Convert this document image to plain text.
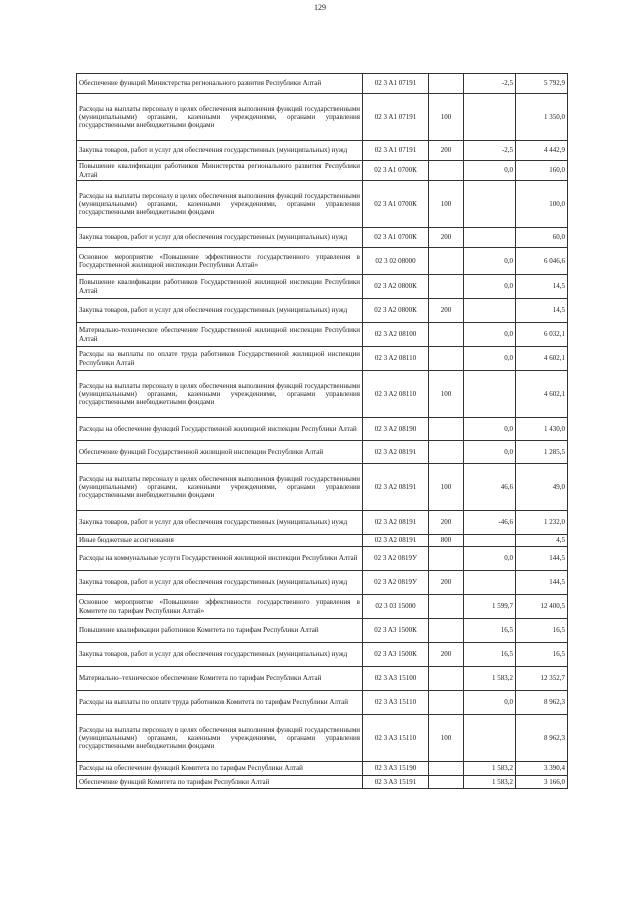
129
Обеспечение функций Министерства регионального развития Республики Алтай	02 3 A1 07191		-2,5	5 792,9
Расходы на выплаты персоналу в целях обеспечения выполнения функций государственными (муниципальными) органами, казенными учреждениями, органами управления государственными внебюджетными фондами	02 3 A1 07191	100		1 350,0
Закупка товаров, работ и услуг для обеспечения государственных (муниципальных) нужд	02 3 A1 07191	200	-2,5	4 442,9
Повышение квалификации работников Министерства регионального развития Республики Алтай	02 3 A1 0700К		0,0	160,0
Расходы на выплаты персоналу в целях обеспечения выполнения функций государственными (муниципальными) органами, казенными учреждениями, органами управления государственными внебюджетными фондами	02 3 A1 0700К	100		100,0
Закупка товаров, работ и услуг для обеспечения государственных (муниципальных) нужд	02 3 A1 0700К	200		60,0
Основное мероприятие «Повышение эффективности государственного управления в Государственной жилищной инспекции Республики Алтай»	02 3 02 08000		0,0	6 046,6
Повышение квалификации работников Государственной жилищной инспекции Республики Алтай	02 3 A2 0800К		0,0	14,5
Закупка товаров, работ и услуг для обеспечения государственных (муниципальных) нужд	02 3 A2 0800К	200		14,5
Материально-техническое обеспечение Государственной жилищной инспекции Республики Алтай	02 3 A2 08100		0,0	6 032,1
Расходы на выплаты по оплате труда работников Государственной жилищной инспекции Республики Алтай	02 3 A2 08110		0,0	4 602,1
Расходы на выплаты персоналу в целях обеспечения выполнения функций государственными (муниципальными) органами, казенными учреждениями, органами управления государственными внебюджетными фондами	02 3 A2 08110	100		4 602,1
Расходы на обеспечение функций Государственной жилищной инспекции Республики Алтай	02 3 A2 08190		0,0	1 430,0
Обеспечение функций Государственной жилищной инспекции Республики Алтай	02 3 A2 08191		0,0	1 285,5
Расходы на выплаты персоналу в целях обеспечения выполнения функций государственными (муниципальными) органами, казенными учреждениями, органами управления государственными внебюджетными фондами	02 3 A2 08191	100	46,6	49,0
Закупка товаров, работ и услуг для обеспечения государственных (муниципальных) нужд	02 3 A2 08191	200	-46,6	1 232,0
Иные бюджетные ассигнования	02 3 A2 08191	800		4,5
Расходы на коммунальные услуги Государственной жилищной инспекции Республики Алтай	02 3 A2 0819У		0,0	144,5
Закупка товаров, работ и услуг для обеспечения государственных (муниципальных) нужд	02 3 A2 0819У	200		144,5
Основное мероприятие «Повышение эффективности государственного управления в Комитете по тарифам Республики Алтай»	02 3 03 15000		1 599,7	12 400,5
Повышение квалификации работников Комитета по тарифам Республики Алтай	02 3 A3 1500К		16,5	16,5
Закупка товаров, работ и услуг для обеспечения государственных (муниципальных) нужд	02 3 A3 1500К	200	16,5	16,5
Материально–техническое обеспечение Комитета по тарифам Республики Алтай	02 3 A3 15100		1 583,2	12 352,7
Расходы на выплаты по оплате труда работников Комитета по тарифам Республики Алтай	02 3 A3 15110		0,0	8 962,3
Расходы на выплаты персоналу в целях обеспечения выполнения функций государственными (муниципальными) органами, казенными учреждениями, органами управления государственными внебюджетными фондами	02 3 A3 15110	100		8 962,3
Расходы на обеспечение функций Комитета по тарифам Республики Алтай	02 3 A3 15190		1 583,2	3 390,4
Обеспечение функций Комитета по тарифам Республики Алтай	02 3 A3 15191		1 583,2	3 166,0
